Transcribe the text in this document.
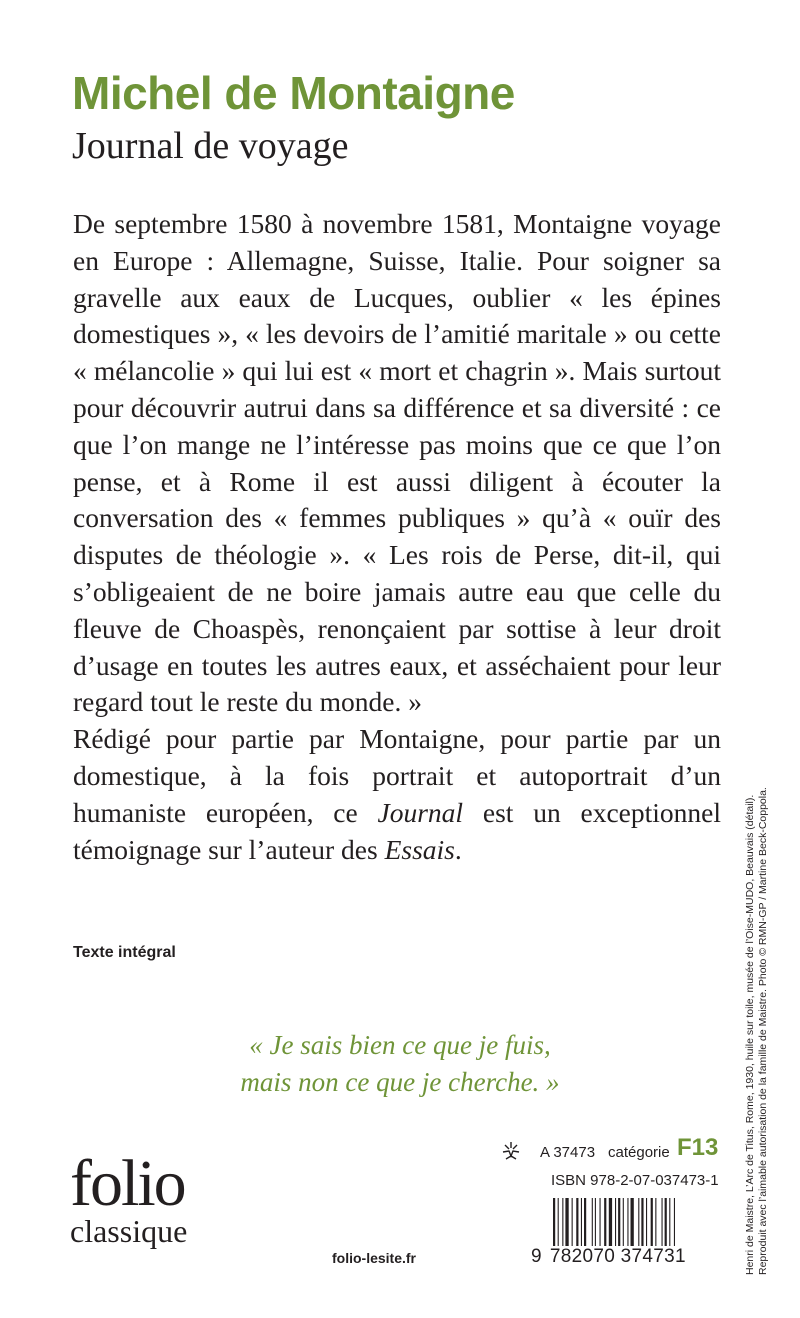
Michel de Montaigne
Journal de voyage

De septembre 1580 à novembre 1581, Montaigne voyage en Europe : Allemagne, Suisse, Italie. Pour soigner sa gravelle aux eaux de Lucques, oublier « les épines domestiques », « les devoirs de l’amitié maritale » ou cette « mélancolie » qui lui est « mort et chagrin ». Mais surtout pour découvrir autrui dans sa différence et sa diversité : ce que l’on mange ne l’intéresse pas moins que ce que l’on pense, et à Rome il est aussi diligent à écouter la conversation des « femmes publiques » qu’à « ouïr des disputes de théologie ». « Les rois de Perse, dit-il, qui s’obligeaient de ne boire jamais autre eau que celle du fleuve de Choaspès, renonçaient par sottise à leur droit d’usage en toutes les autres eaux, et asséchaient pour leur regard tout le reste du monde. »

Rédigé pour partie par Montaigne, pour partie par un domestique, à la fois portrait et autoportrait d’un humaniste européen, ce Journal est un exceptionnel témoignage sur l’auteur des Essais.

Texte intégral
« Je sais bien ce que je fuis,
mais non ce que je cherche. »
A 37473 catégorie F13
ISBN 978-2-07-037473-1
9 782070 374731
folio
classique
folio-lesite.fr	Henri de Maistre, L’Arc de Titus, Rome, 1930, huile sur toile, musée de l’Oise-MUDO, Beauvais (détail). Reproduit avec l’aimable autorisation de la famille de Maistre. Photo © RMN-GP / Martine Beck-Coppola.
